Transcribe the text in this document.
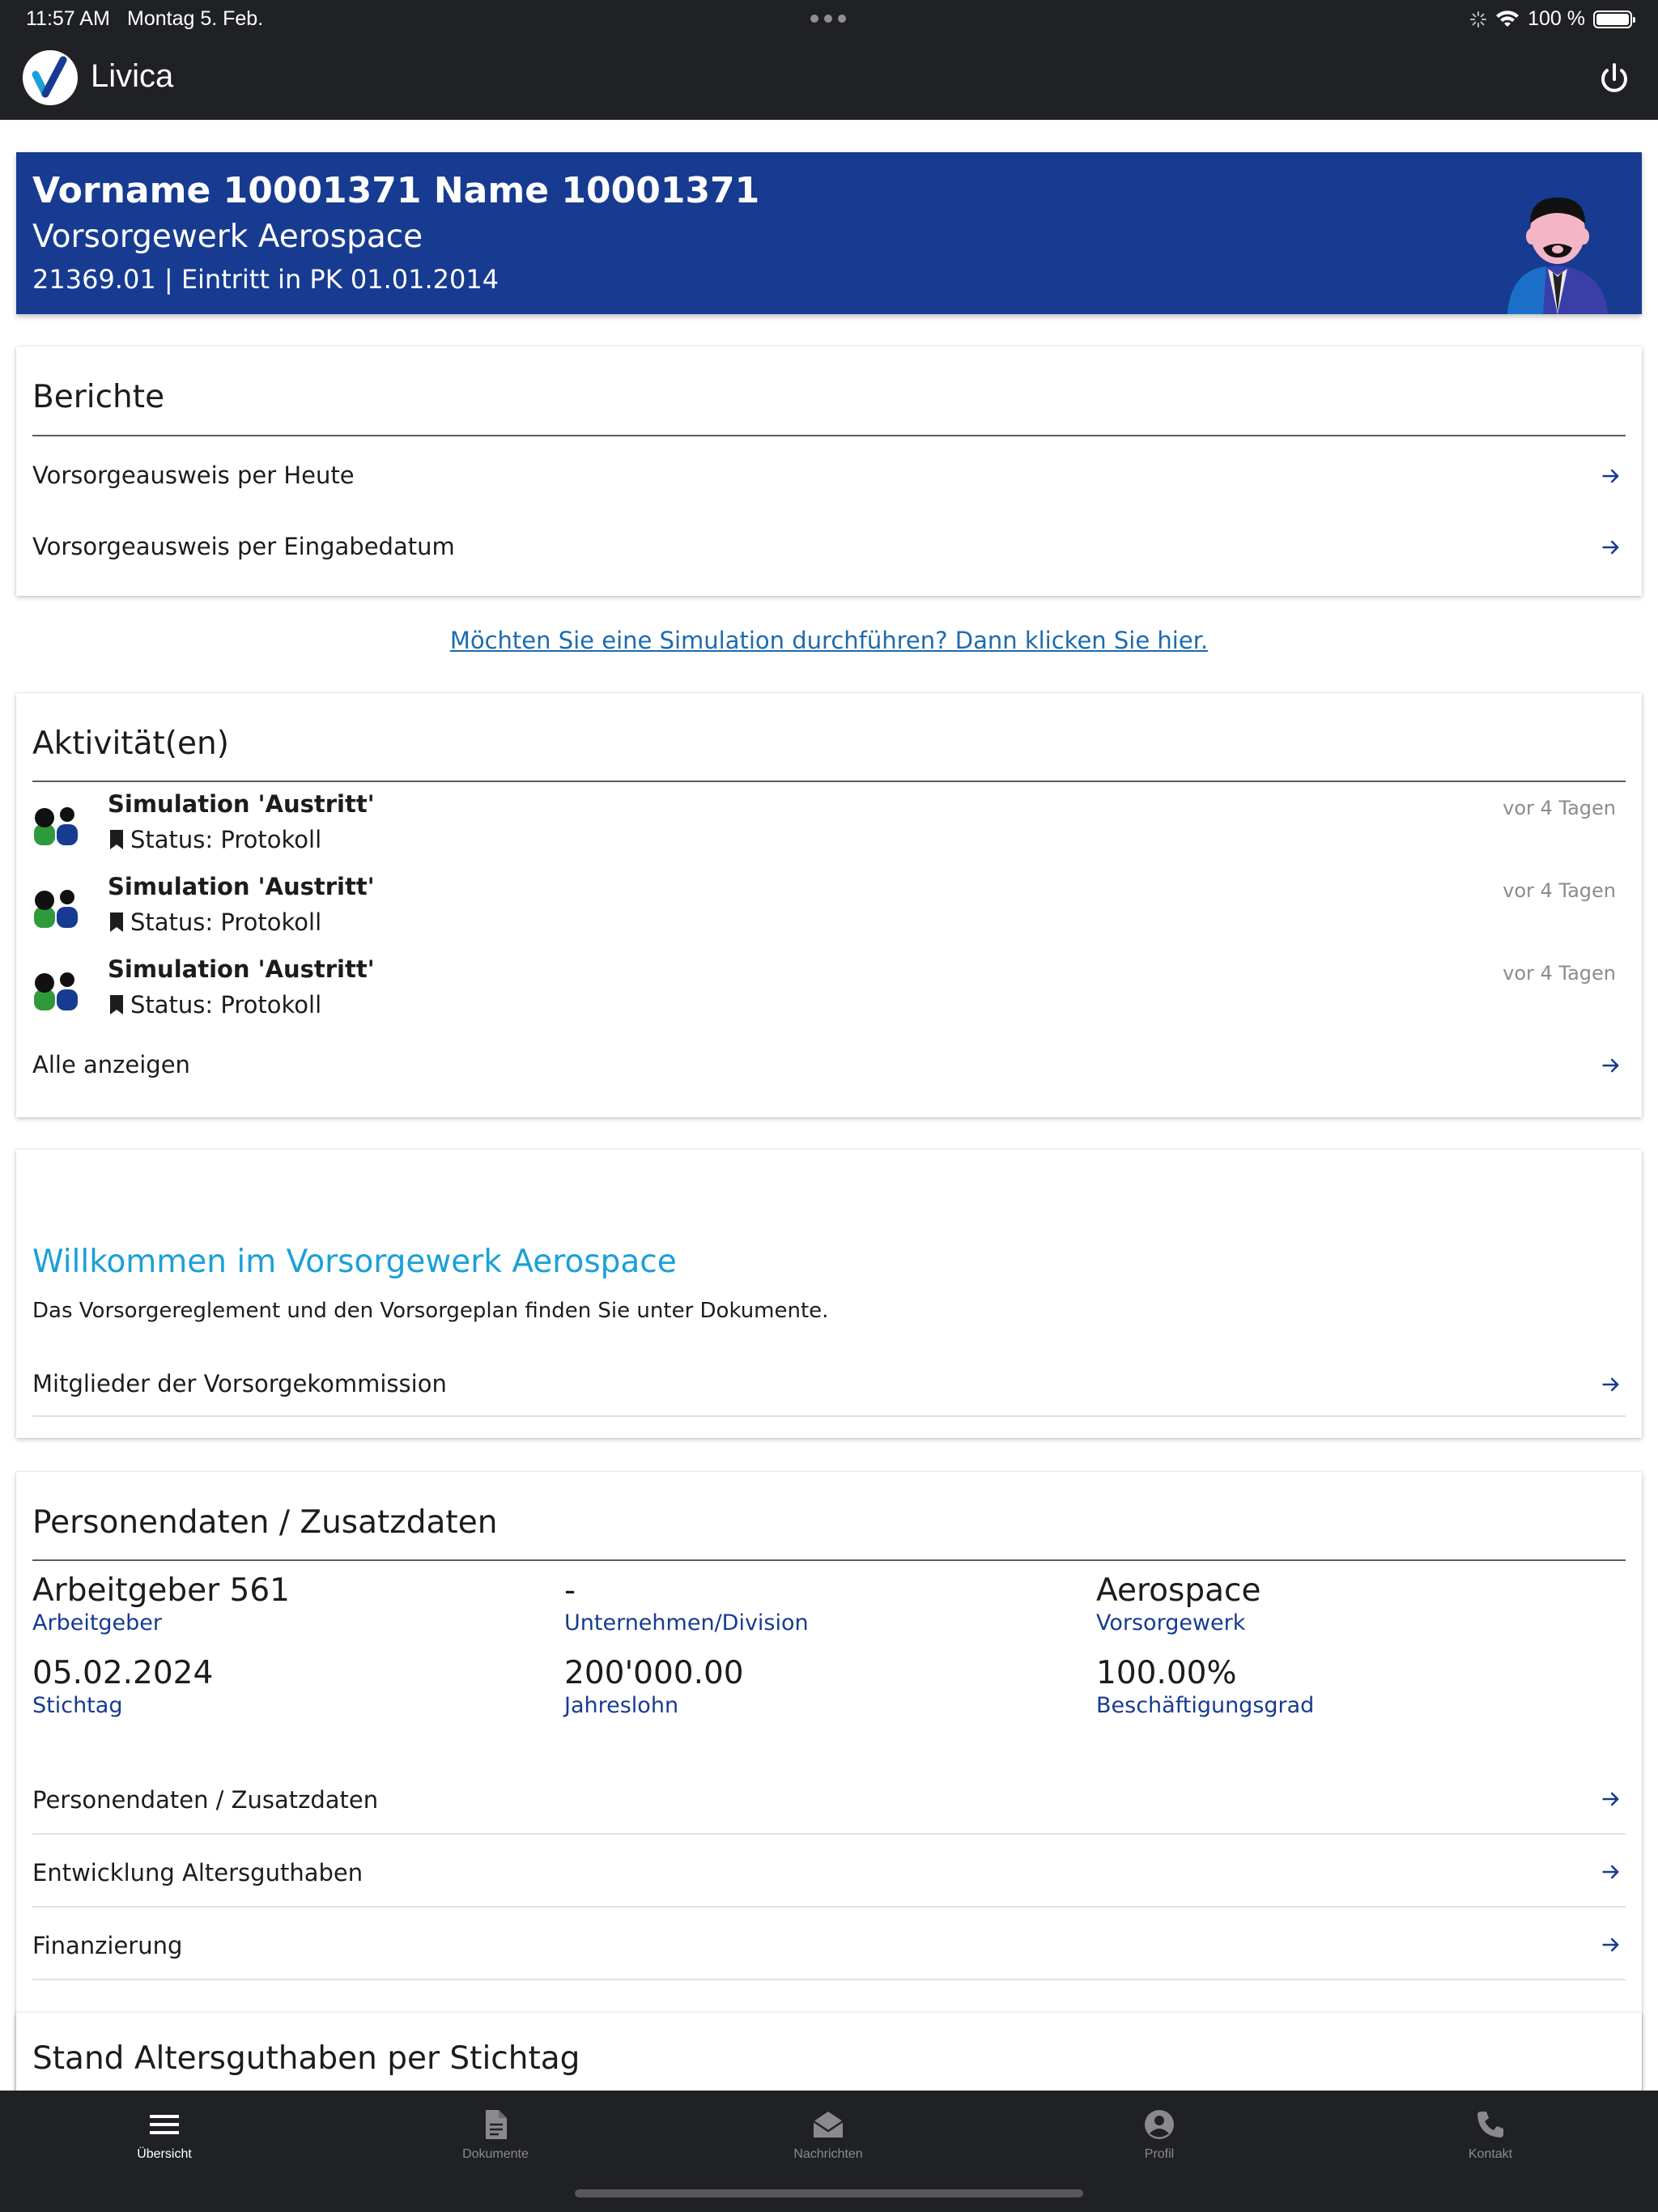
11:57 AM Montag 5. Feb.	100 %
Livica
Vorname 10001371 Name 10001371
Vorsorgewerk Aerospace
21369.01 | Eintritt in PK 01.01.2014
Berichte
Vorsorgeausweis per Heute
Vorsorgeausweis per Eingabedatum
Möchten Sie eine Simulation durchführen? Dann klicken Sie hier.
Aktivität(en)
Simulation 'Austritt'
Status: Protokoll
vor 4 Tagen
Simulation 'Austritt'
Status: Protokoll
vor 4 Tagen
Simulation 'Austritt'
Status: Protokoll
vor 4 Tagen
Alle anzeigen
Willkommen im Vorsorgewerk Aerospace
Das Vorsorgereglement und den Vorsorgeplan finden Sie unter Dokumente.
Mitglieder der Vorsorgekommission
Personendaten / Zusatzdaten
Arbeitgeber 561
Arbeitgeber
-
Unternehmen/Division
Aerospace
Vorsorgewerk
05.02.2024
Stichtag
200'000.00
Jahreslohn
100.00%
Beschäftigungsgrad
Personendaten / Zusatzdaten
Entwicklung Altersguthaben
Finanzierung
Stand Altersguthaben per Stichtag
Übersicht	Dokumente	Nachrichten	Profil	Kontakt
